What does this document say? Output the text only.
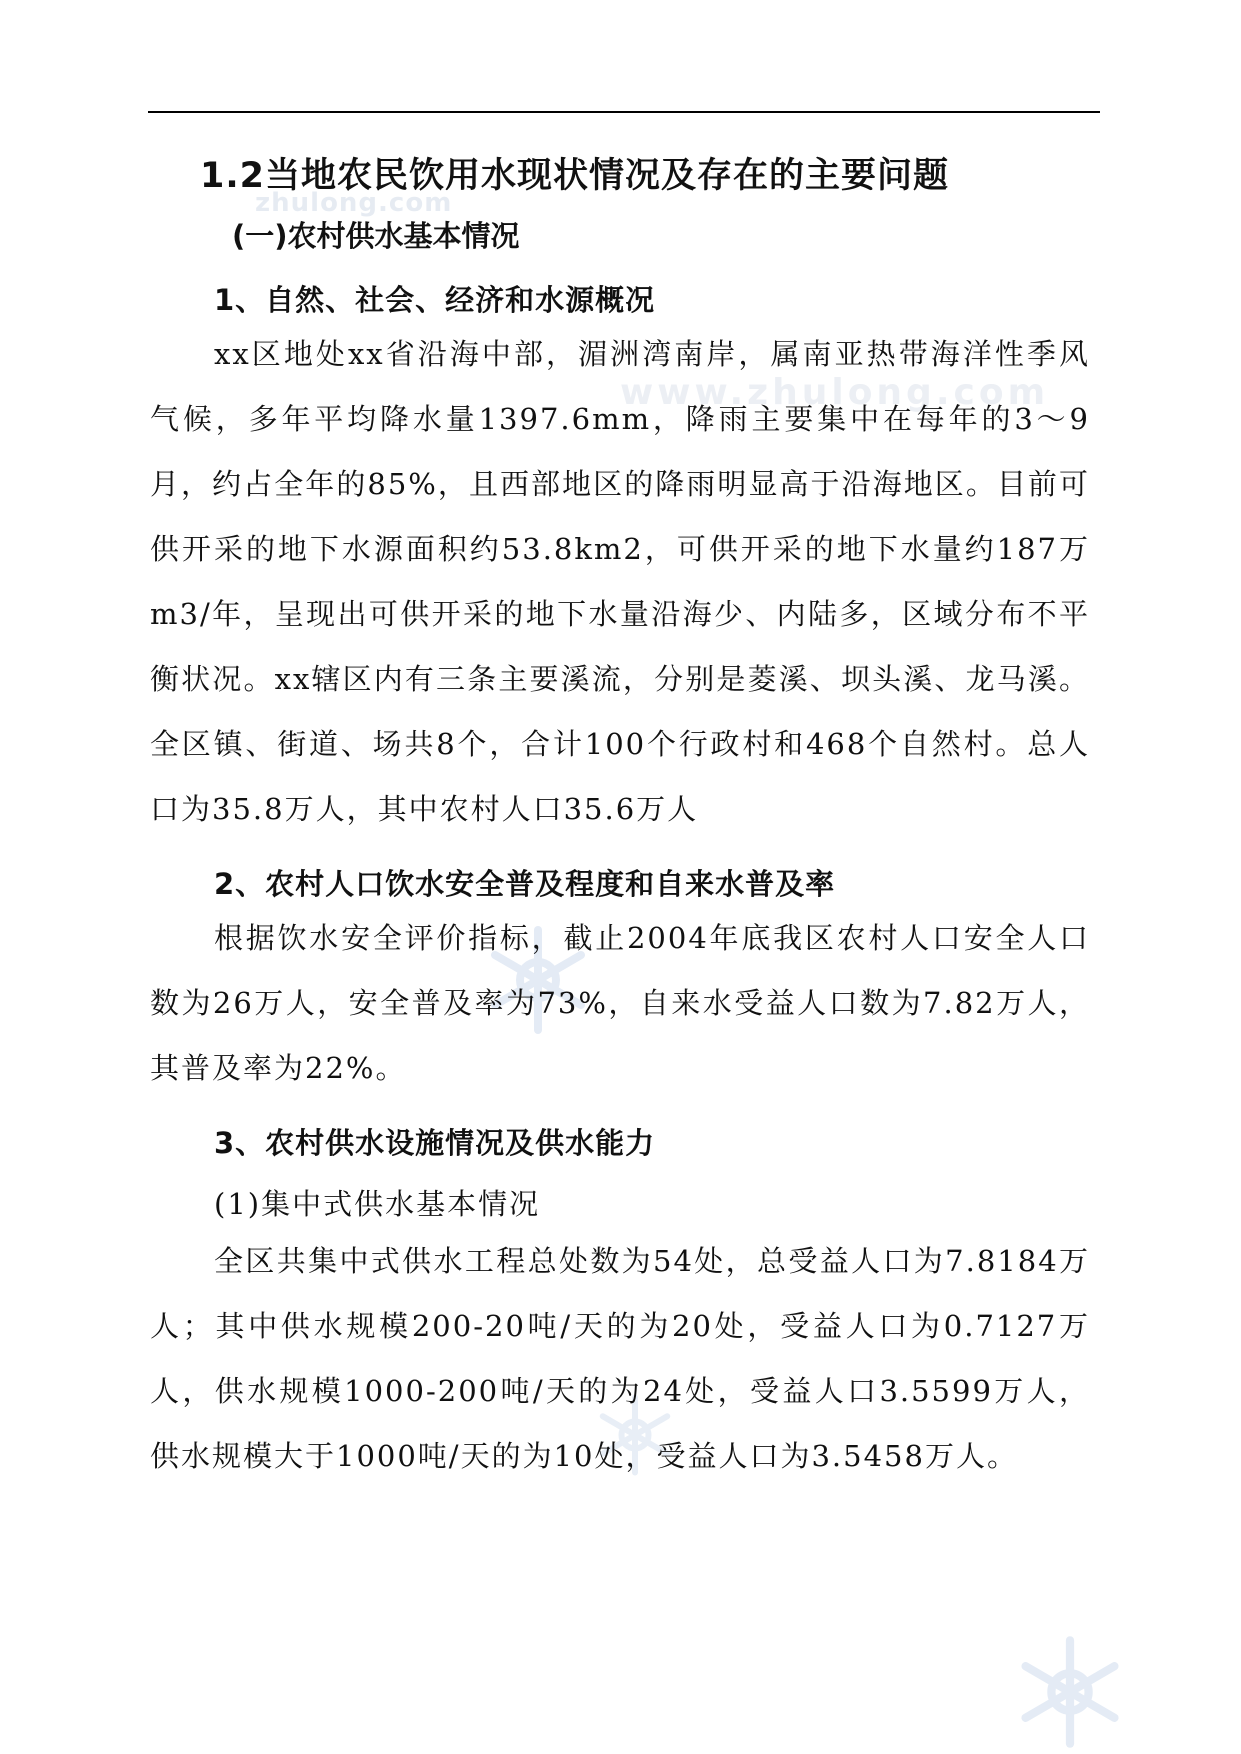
zhulong.com
www.zhulong.com
1.2当地农民饮用水现状情况及存在的主要问题
(一)农村供水基本情况
1、自然、社会、经济和水源概况

xx区地处xx省沿海中部，湄洲湾南岸，属南亚热带海洋性季风气候，多年平均降水量1397.6mm，降雨主要集中在每年的3～9月，约占全年的85%，且西部地区的降雨明显高于沿海地区。目前可供开采的地下水源面积约53.8km2，可供开采的地下水量约187万m3/年，呈现出可供开采的地下水量沿海少、内陆多，区域分布不平衡状况。xx辖区内有三条主要溪流，分别是菱溪、坝头溪、龙马溪。全区镇、街道、场共8个，合计100个行政村和468个自然村。总人口为35.8万人，其中农村人口35.6万人

2、农村人口饮水安全普及程度和自来水普及率

根据饮水安全评价指标，截止2004年底我区农村人口安全人口数为26万人，安全普及率为73%，自来水受益人口数为7.82万人，其普及率为22%。

3、农村供水设施情况及供水能力
(1)集中式供水基本情况

全区共集中式供水工程总处数为54处，总受益人口为7.8184万人；其中供水规模200-20吨/天的为20处，受益人口为0.7127万人，供水规模1000-200吨/天的为24处，受益人口3.5599万人，供水规模大于1000吨/天的为10处，受益人口为3.5458万人。
